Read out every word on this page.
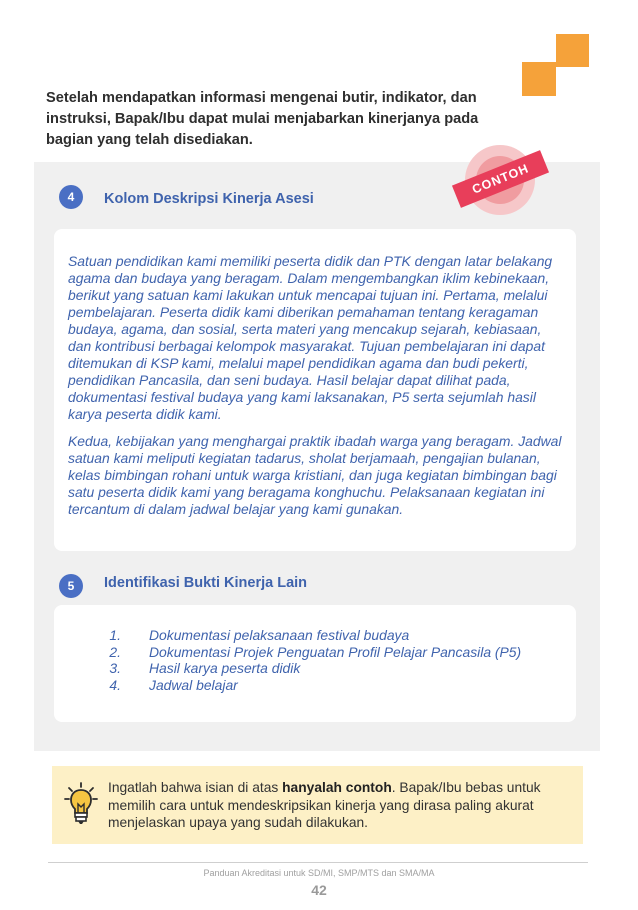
Setelah mendapatkan informasi mengenai butir, indikator, dan instruksi, Bapak/Ibu dapat mulai menjabarkan kinerjanya pada bagian yang telah disediakan.

CONTOH
4	Kolom Deskripsi Kinerja Asesi

Satuan pendidikan kami memiliki peserta didik dan PTK dengan latar belakang agama dan budaya yang beragam. Dalam mengembangkan iklim kebinekaan, berikut yang satuan kami lakukan untuk mencapai tujuan ini. Pertama, melalui pembelajaran. Peserta didik kami diberikan pemahaman tentang keragaman budaya, agama, dan sosial, serta materi yang mencakup sejarah, kebiasaan, dan kontribusi berbagai kelompok masyarakat. Tujuan pembelajaran ini dapat ditemukan di KSP kami, melalui mapel pendidikan agama dan budi pekerti, pendidikan Pancasila, dan seni budaya. Hasil belajar dapat dilihat pada, dokumentasi festival budaya yang kami laksanakan, P5 serta sejumlah hasil karya peserta didik kami.

Kedua, kebijakan yang menghargai praktik ibadah warga yang beragam. Jadwal satuan kami meliputi kegiatan tadarus, sholat berjamaah, pengajian bulanan, kelas bimbingan rohani untuk warga kristiani, dan juga kegiatan bimbingan bagi satu peserta didik kami yang beragama konghuchu. Pelaksanaan kegiatan ini tercantum di dalam jadwal belajar yang kami gunakan.

5	Identifikasi Bukti Kinerja Lain
1. Dokumentasi pelaksanaan festival budaya
2. Dokumentasi Projek Penguatan Profil Pelajar Pancasila (P5)
3. Hasil karya peserta didik
4. Jadwal belajar

Ingatlah bahwa isian di atas hanyalah contoh. Bapak/Ibu bebas untuk memilih cara untuk mendeskripsikan kinerja yang dirasa paling akurat menjelaskan upaya yang sudah dilakukan.

Panduan Akreditasi untuk SD/MI, SMP/MTS dan SMA/MA
42
